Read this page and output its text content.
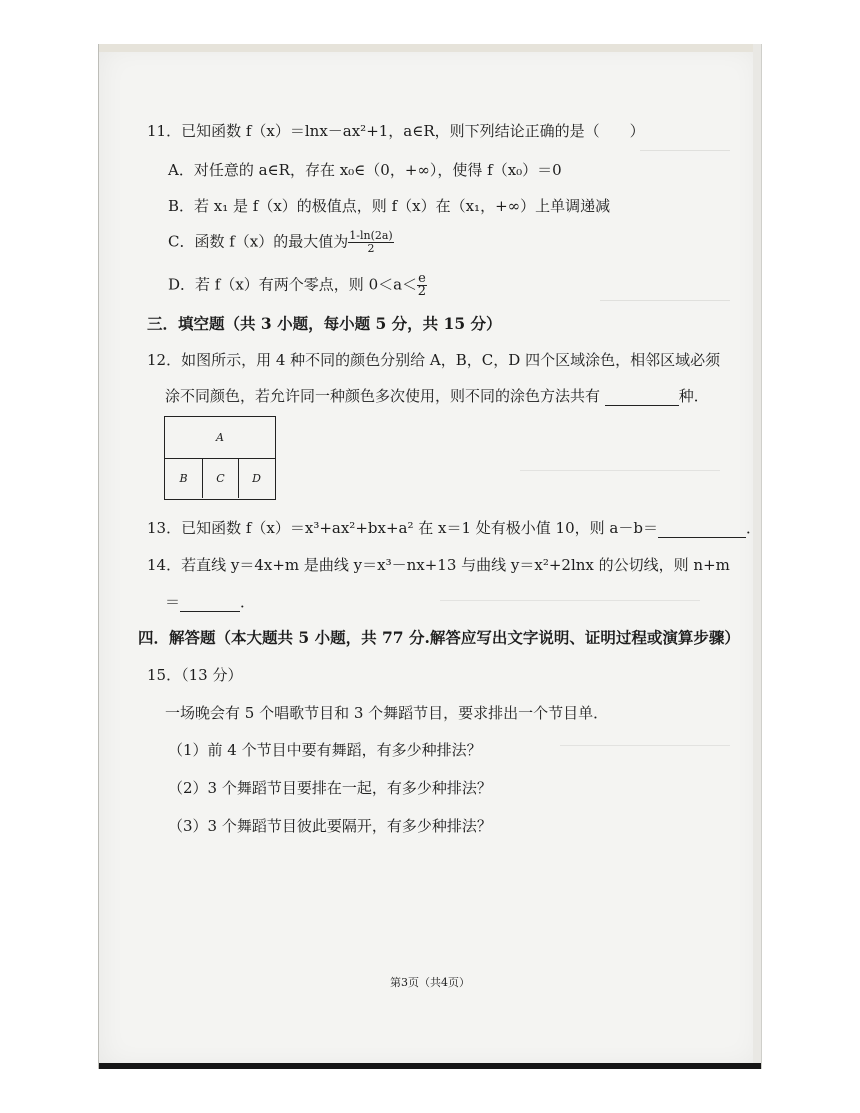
11．已知函数 f（x）＝lnx－ax²+1，a∈R，则下列结论正确的是（　　）
A．对任意的 a∈R，存在 x₀∈（0，+∞），使得 f（x₀）＝0
B．若 x₁ 是 f（x）的极值点，则 f（x）在（x₁，+∞）上单调递减
C．函数 f（x）的最大值为 $\frac{1-\ln(2a)}{2}$
D．若 f（x）有两个零点，则 $0<a< \frac{e}{2}$
三．填空题（共 3 小题，每小题 5 分，共 15 分）
12．如图所示，用 4 种不同的颜色分别给 A，B，C，D 四个区域涂色，相邻区域必须
涂不同颜色，若允许同一种颜色多次使用，则不同的涂色方法共有	种．
A
B	C	D
13．已知函数 f（x）＝x³+ax²+bx+a² 在 x＝1 处有极小值 10，则 a－b＝	．
14．若直线 y＝4x+m 是曲线 y＝x³－nx+13 与曲线 y＝x²+2lnx 的公切线，则 n+m
＝	．
四．解答题（本大题共 5 小题，共 77 分.解答应写出文字说明、证明过程或演算步骤）
15．（13 分）
一场晚会有 5 个唱歌节目和 3 个舞蹈节目，要求排出一个节目单．
（1）前 4 个节目中要有舞蹈，有多少种排法？
（2）3 个舞蹈节目要排在一起，有多少种排法？
（3）3 个舞蹈节目彼此要隔开，有多少种排法？
第3页（共4页）
